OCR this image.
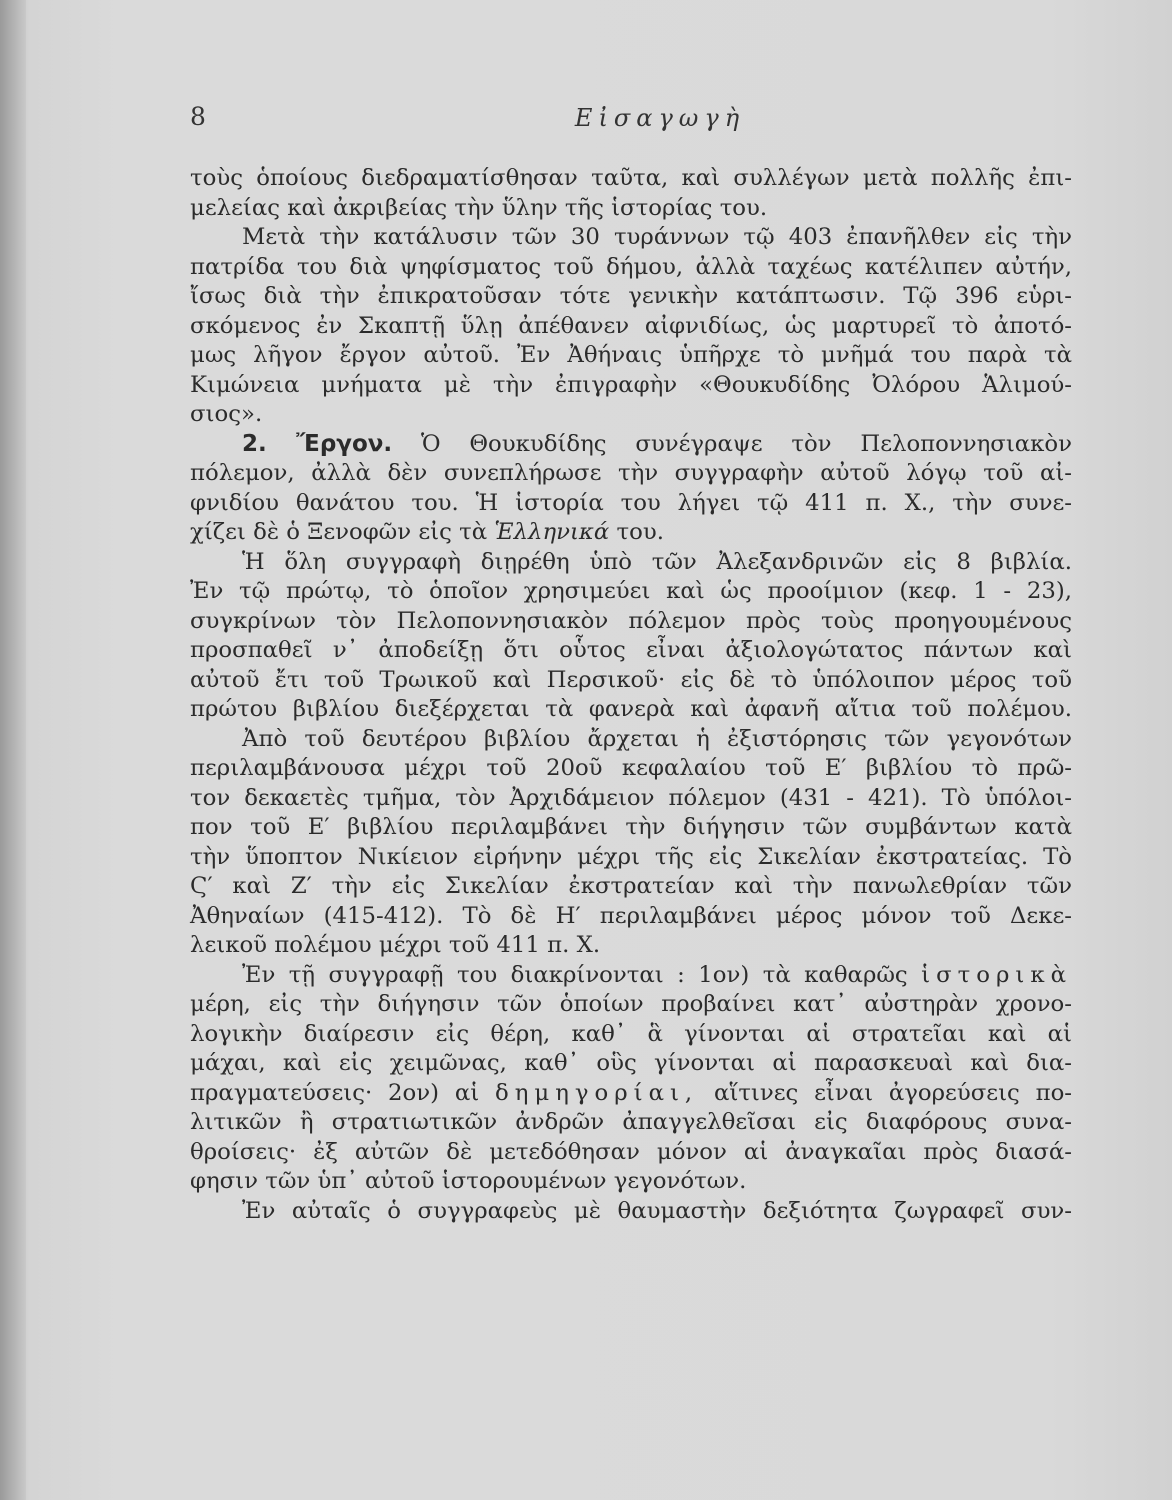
8	Εἰσαγωγὴ
τοὺς ὁποίους διεδραματίσθησαν ταῦτα, καὶ συλλέγων μετὰ πολλῆς ἐπι-
μελείας καὶ ἀκριβείας τὴν ὕλην τῆς ἱστορίας του.
Μετὰ τὴν κατάλυσιν τῶν 30 τυράννων τῷ 403 ἐπανῆλθεν εἰς τὴν
πατρίδα του διὰ ψηφίσματος τοῦ δήμου, ἀλλὰ ταχέως κατέλιπεν αὐτήν,
ἴσως διὰ τὴν ἐπικρατοῦσαν τότε γενικὴν κατάπτωσιν. Τῷ 396 εὑρι-
σκόμενος ἐν Σκαπτῇ ὕλῃ ἀπέθανεν αἰφνιδίως, ὡς μαρτυρεῖ τὸ ἀποτό-
μως λῆγον ἔργον αὐτοῦ. Ἐν Ἀθήναις ὑπῆρχε τὸ μνῆμά του παρὰ τὰ
Κιμώνεια μνήματα μὲ τὴν ἐπιγραφὴν «Θουκυδίδης Ὀλόρου Ἁλιμού-
σιος».
2. Ἔργον. Ὁ Θουκυδίδης συνέγραψε τὸν Πελοποννησιακὸν
πόλεμον, ἀλλὰ δὲν συνεπλήρωσε τὴν συγγραφὴν αὐτοῦ λόγῳ τοῦ αἰ-
φνιδίου θανάτου του. Ἡ ἱστορία του λήγει τῷ 411 π. Χ., τὴν συνε-
χίζει δὲ ὁ Ξενοφῶν εἰς τὰ Ἑλληνικά του.
Ἡ ὅλη συγγραφὴ διῃρέθη ὑπὸ τῶν Ἀλεξανδρινῶν εἰς 8 βιβλία.
Ἐν τῷ πρώτῳ, τὸ ὁποῖον χρησιμεύει καὶ ὡς προοίμιον (κεφ. 1 - 23),
συγκρίνων τὸν Πελοποννησιακὸν πόλεμον πρὸς τοὺς προηγουμένους
προσπαθεῖ ν᾽ ἀποδείξῃ ὅτι οὗτος εἶναι ἀξιολογώτατος πάντων καὶ
αὐτοῦ ἔτι τοῦ Τρωικοῦ καὶ Περσικοῦ· εἰς δὲ τὸ ὑπόλοιπον μέρος τοῦ
πρώτου βιβλίου διεξέρχεται τὰ φανερὰ καὶ ἀφανῆ αἴτια τοῦ πολέμου.
Ἀπὸ τοῦ δευτέρου βιβλίου ἄρχεται ἡ ἐξιστόρησις τῶν γεγονότων
περιλαμβάνουσα μέχρι τοῦ 20οῦ κεφαλαίου τοῦ Ε′ βιβλίου τὸ πρῶ-
τον δεκαετὲς τμῆμα, τὸν Ἀρχιδάμειον πόλεμον (431 - 421). Τὸ ὑπόλοι-
πον τοῦ Ε′ βιβλίου περιλαμβάνει τὴν διήγησιν τῶν συμβάντων κατὰ
τὴν ὕποπτον Νικίειον εἰρήνην μέχρι τῆς εἰς Σικελίαν ἐκστρατείας. Τὸ
Ϛ′ καὶ Ζ′ τὴν εἰς Σικελίαν ἐκστρατείαν καὶ τὴν πανωλεθρίαν τῶν
Ἀθηναίων (415-412). Τὸ δὲ Η′ περιλαμβάνει μέρος μόνον τοῦ Δεκε-
λεικοῦ πολέμου μέχρι τοῦ 411 π. Χ.
Ἐν τῇ συγγραφῇ του διακρίνονται : 1ον) τὰ καθαρῶς ἱστορικὰ
μέρη, εἰς τὴν διήγησιν τῶν ὁποίων προβαίνει κατ᾽ αὐστηρὰν χρονο-
λογικὴν διαίρεσιν εἰς θέρη, καθ᾽ ἃ γίνονται αἱ στρατεῖαι καὶ αἱ
μάχαι, καὶ εἰς χειμῶνας, καθ᾽ οὓς γίνονται αἱ παρασκευαὶ καὶ δια-
πραγματεύσεις· 2ον) αἱ δημηγορίαι, αἵτινες εἶναι ἀγορεύσεις πο-
λιτικῶν ἢ στρατιωτικῶν ἀνδρῶν ἀπαγγελθεῖσαι εἰς διαφόρους συνα-
θροίσεις· ἐξ αὐτῶν δὲ μετεδόθησαν μόνον αἱ ἀναγκαῖαι πρὸς διασά-
φησιν τῶν ὑπ᾽ αὐτοῦ ἱστορουμένων γεγονότων.
Ἐν αὐταῖς ὁ συγγραφεὺς μὲ θαυμαστὴν δεξιότητα ζωγραφεῖ συν-
